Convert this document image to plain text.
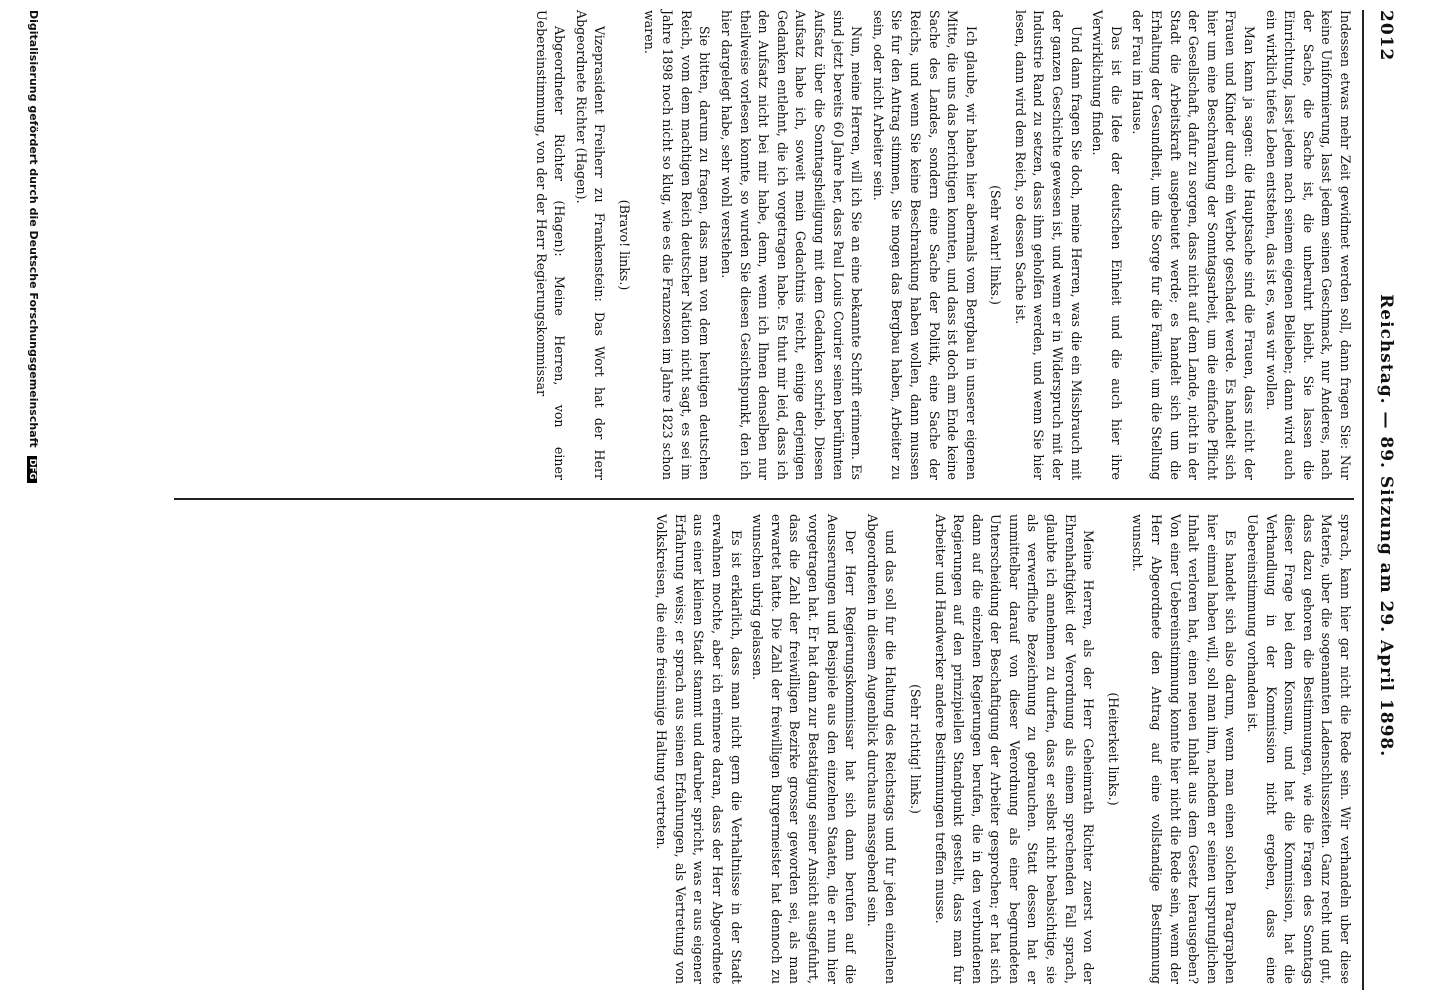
2012
Reichstag. — 89. Sitzung am 29. April 1898.

Indessen etwas mehr Zeit gewidmet werden soll, dann fragen Sie: Nur keine Uniformierung, lasst jedem seinen Geschmack, nur Anderes, nach der Sache, die Sache ist, die unberuhrt bleibt. Sie lassen die Einrichtung, lasst jedem nach seinem eigenen Belieben; dann wird auch ein wirklich tiefes Leben entstehen, das ist es, was wir wollen.

Man kann ja sagen: die Hauptsache sind die Frauen, dass nicht der Frauen und Kinder durch ein Verbot geschadet werde. Es handelt sich hier um eine Beschrankung der Sonntagsarbeit, um die einfache Pflicht der Gesellschaft, dafur zu sorgen, dass nicht auf dem Lande, nicht in der Stadt die Arbeitskraft ausgebeutet werde; es handelt sich um die Erhaltung der Gesundheit, um die Sorge fur die Familie, um die Stellung der Frau im Hause.

Das ist die Idee der deutschen Einheit und die auch hier ihre Verwirklichung finden.

Und dann fragen Sie doch, meine Herren, was die ein Missbrauch mit der ganzen Geschichte gewesen ist, und wenn er in Widerspruch mit der Industrie Rand zu setzen, dass ihm geholfen werden, und wenn Sie hier lesen, dann wird dem Reich, so dessen Sache ist.

(Sehr wahr! links.)

Ich glaube, wir haben hier abermals vom Bergbau in unserer eigenen Mitte, die uns das berichtigen konnten, und dass ist doch am Ende keine Sache des Landes, sondern eine Sache der Politik, eine Sache der Reichs, und wenn Sie keine Beschrankung haben wollen, dann mussen Sie fur den Antrag stimmen, Sie mogen das Bergbau haben, Arbeiter zu sein, oder nicht Arbeiter sein.

Nun, meine Herren, will ich Sie an eine bekannte Schrift erinnern. Es sind jetzt bereits 60 Jahre her, dass Paul Louis Courier seinen berühmten Aufsatz über die Sonntagsheiligung mit dem Gedanken schrieb. Diesen Aufsatz habe ich, soweit mein Gedachtnis reicht, einige derjenigen Gedanken entlehnt, die ich vorgetragen habe. Es thut mir leid, dass ich den Aufsatz nicht bei mir habe, denn, wenn ich Ihnen denselben nur theilweise vorlesen konnte, so wurden Sie diesen Gesichtspunkt, den ich hier dargelegt habe, sehr wohl verstehen.

Sie bitten, darum zu fragen, dass man von dem heutigen deutschen Reich, vom dem machtigen Reich deutscher Nation nicht sagt, es sei im Jahre 1898 noch nicht so klug, wie es die Franzosen im Jahre 1823 schon waren.

(Bravo! links.)

Vizeprasident Freiherr zu Frankenstein: Das Wort hat der Herr Abgeordnete Richter (Hagen).

Abgeordneter Richter (Hagen): Meine Herren, von einer Uebereinstimmung, von der der Herr Regierungskommissar

sprach, kann hier gar nicht die Rede sein. Wir verhandeln uber diese Materie, uber die sogenannten Ladenschlusszeiten. Ganz recht und gut, dass dazu gehoren die Bestimmungen, wie die Fragen des Sonntags dieser Frage bei dem Konsum, und hat die Kommission, hat die Verhandlung in der Kommission nicht ergeben, dass eine Uebereinstimmung vorhanden ist.

Es handelt sich also darum, wenn man einen solchen Paragraphen hier einmal haben will, soll man ihm, nachdem er seinen ursprunglichen Inhalt verloren hat, einen neuen Inhalt aus dem Gesetz herausgeben? Von einer Uebereinstimmung konnte hier nicht die Rede sein, wenn der Herr Abgeordnete den Antrag auf eine vollstandige Bestimmung wunscht.

(Heiterkeit links.)

Meine Herren, als der Herr Geheimrath Richter zuerst von der Ehrenhaftigkeit der Verordnung als einem sprechenden Fall sprach, glaubte ich annehmen zu durfen, dass er selbst nicht beabsichtige, sie als verwerfliche Bezeichnung zu gebrauchen. Statt dessen hat er unmittelbar darauf von dieser Verordnung als einer begrundeten Unterscheidung der Beschaftigung der Arbeiter gesprochen; er hat sich dann auf die einzelnen Regierungen berufen, die in den verbundenen Regierungen auf den prinzipiellen Standpunkt gestellt, dass man fur Arbeiter und Handwerker andere Bestimmungen treffen musse.

(Sehr richtig! links.)

und das soll fur die Haltung des Reichstags und fur jeden einzelnen Abgeordneten in diesem Augenblick durchaus massgebend sein.

Der Herr Regierungskommissar hat sich dann berufen auf die Aeusserungen und Beispiele aus den einzelnen Staaten, die er nun hier vorgetragen hat. Er hat dann zur Bestatigung seiner Ansicht ausgefuhrt, dass die Zahl der freiwilligen Bezirke grosser geworden sei, als man erwartet hatte. Die Zahl der freiwilligen Burgermeister hat dennoch zu wunschen ubrig gelassen.

Es ist erklarlich, dass man nicht gern die Verhaltnisse in der Stadt erwahnen mochte, aber ich erinnere daran, dass der Herr Abgeordnete aus einer kleinen Stadt stammt und daruber spricht, was er aus eigener Erfahrung weiss; er sprach aus seinen Erfahrungen, als Vertretung von Volkskreisen, die eine freisinnige Haltung vertreten.

Digitalisierung gefördert durch die Deutsche Forschungsgemeinschaft DFG
